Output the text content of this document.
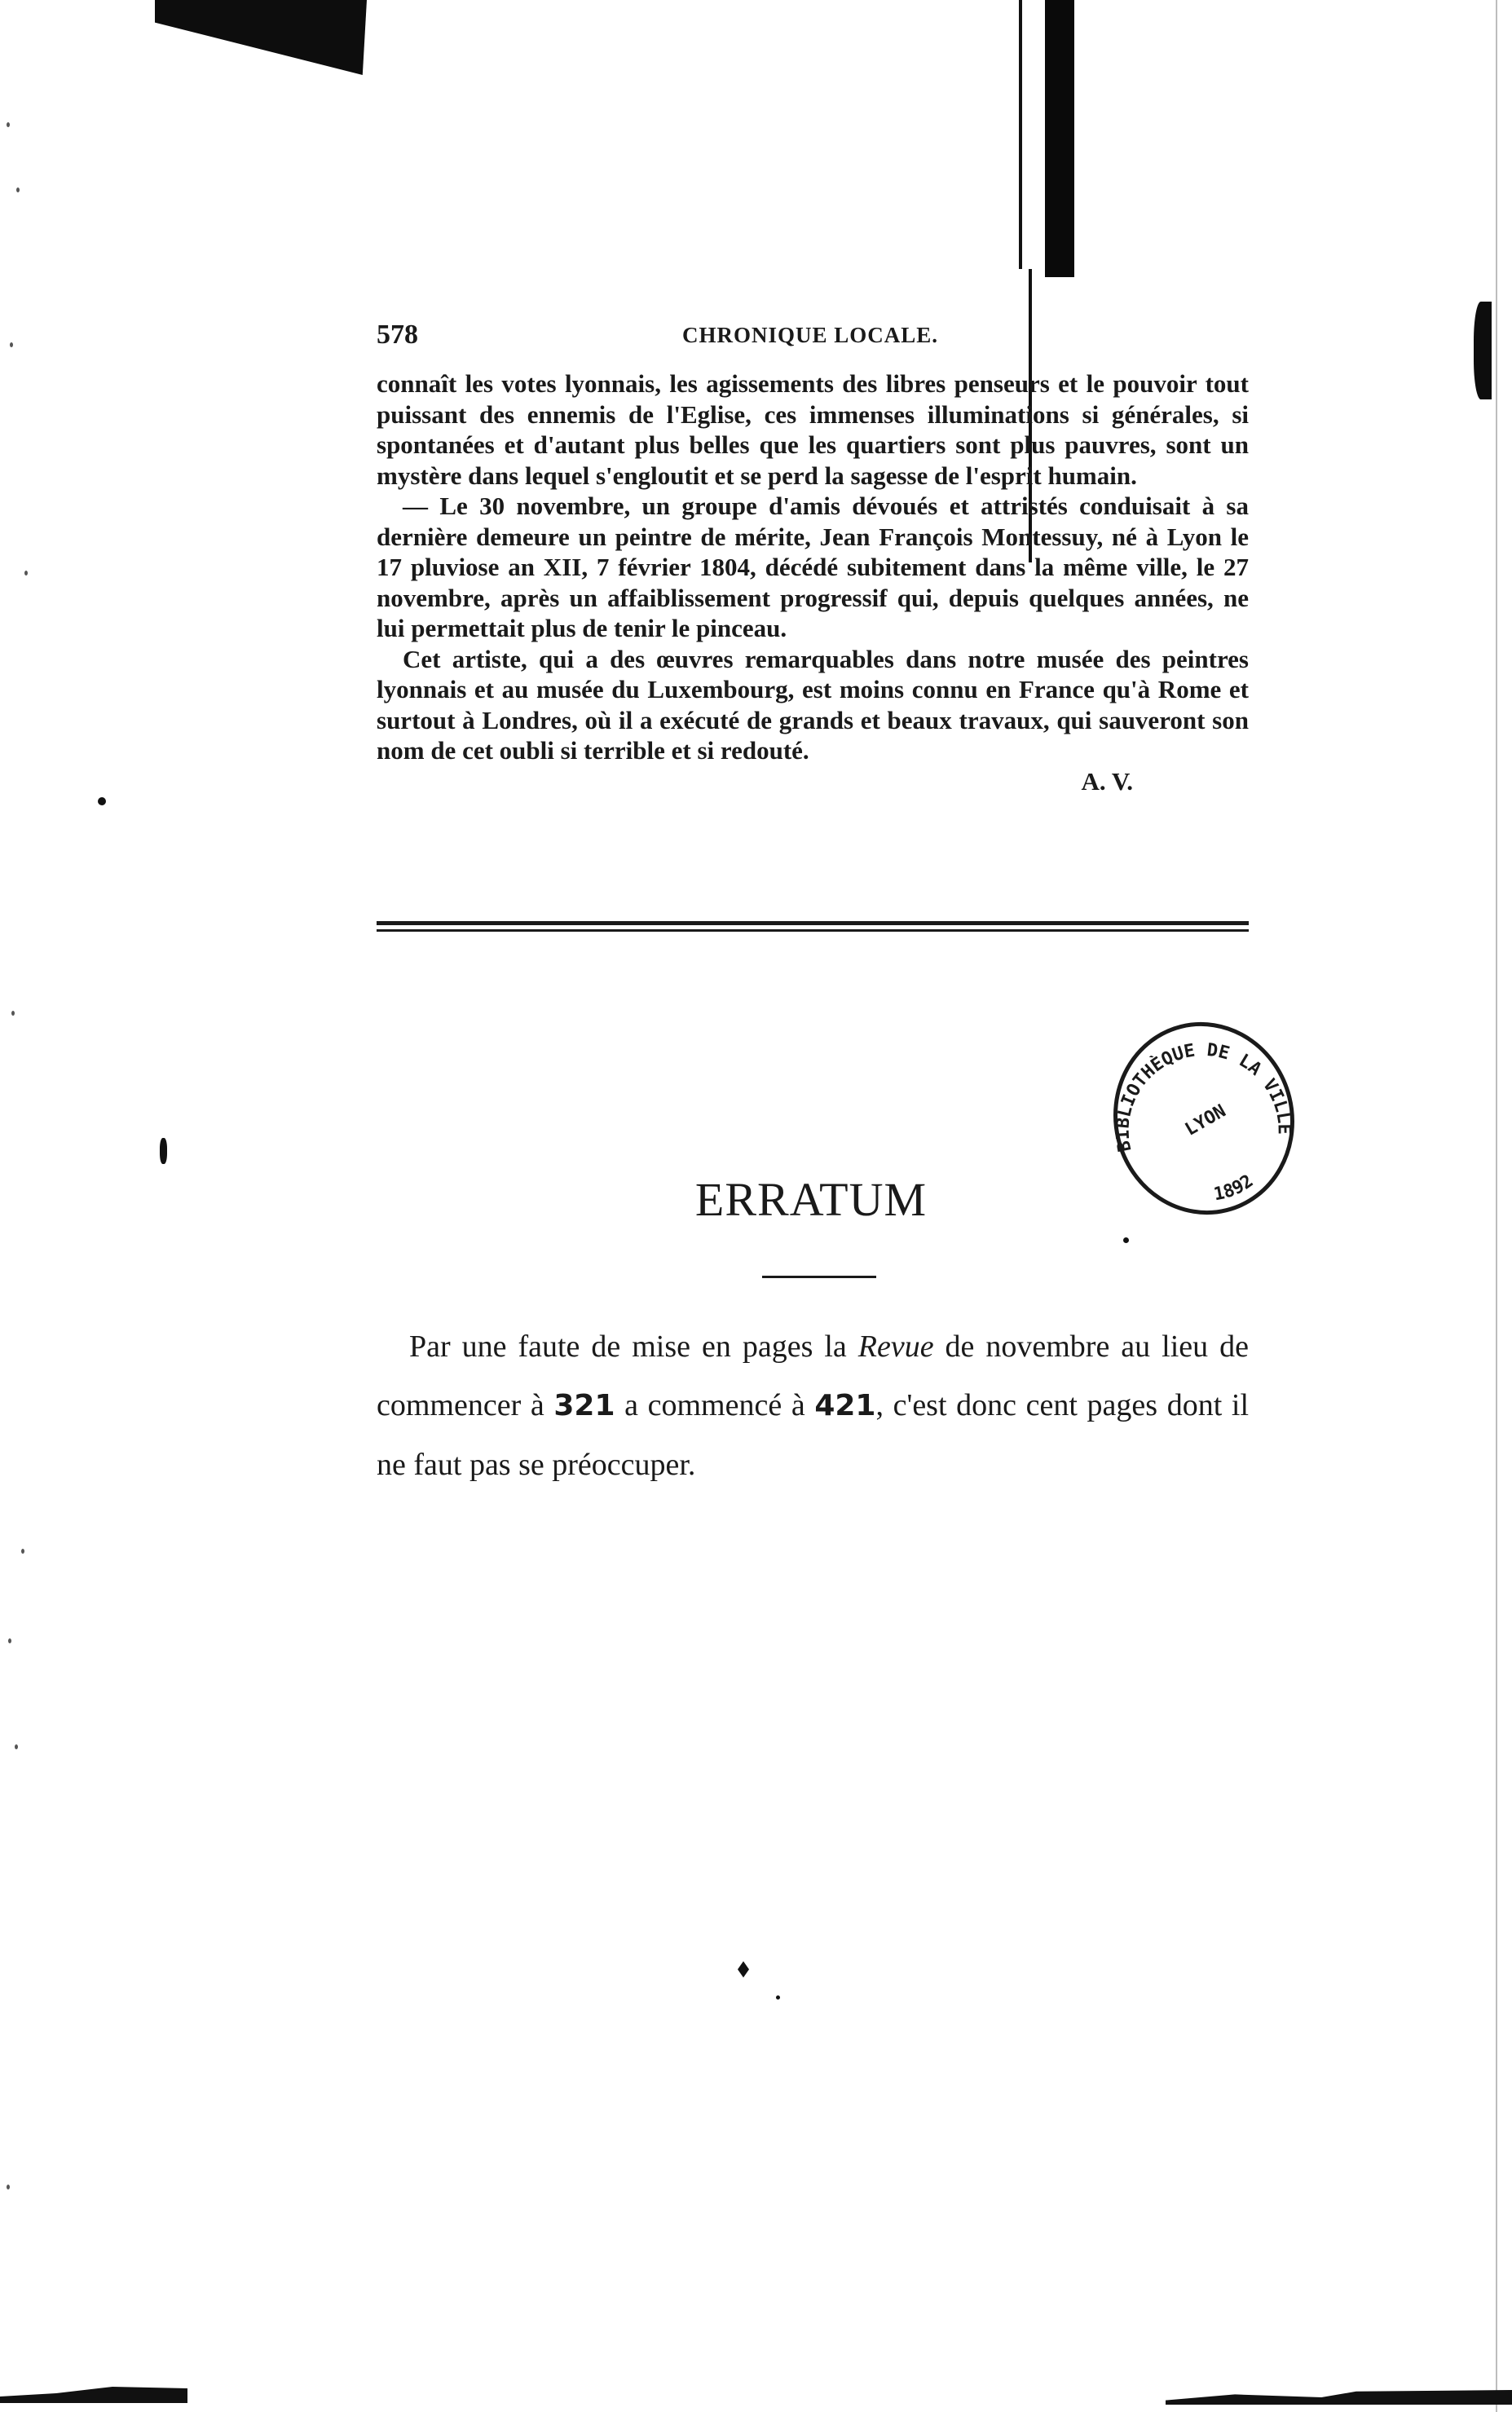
578	CHRONIQUE LOCALE.

connaît les votes lyonnais, les agissements des libres penseurs et le pouvoir tout puissant des ennemis de l'Eglise, ces immenses illuminations si générales, si spontanées et d'autant plus belles que les quartiers sont plus pauvres, sont un mystère dans lequel s'engloutit et se perd la sagesse de l'esprit humain.

— Le 30 novembre, un groupe d'amis dévoués et attristés conduisait à sa dernière demeure un peintre de mérite, Jean François Montessuy, né à Lyon le 17 pluviose an XII, 7 février 1804, décédé subitement dans la même ville, le 27 novembre, après un affaiblissement progressif qui, depuis quelques années, ne lui permettait plus de tenir le pinceau.

Cet artiste, qui a des œuvres remarquables dans notre musée des peintres lyonnais et au musée du Luxembourg, est moins connu en France qu'à Rome et surtout à Londres, où il a exécuté de grands et beaux travaux, qui sauveront son nom de cet oubli si terrible et si redouté.

A. V.
BIBLIOTHÈQUE DE LA VILLE
LYON
1892
ERRATUM

Par une faute de mise en pages la Revue de novembre au lieu de commencer à 321 a commencé à 421, c'est donc cent pages dont il ne faut pas se préoccuper.
